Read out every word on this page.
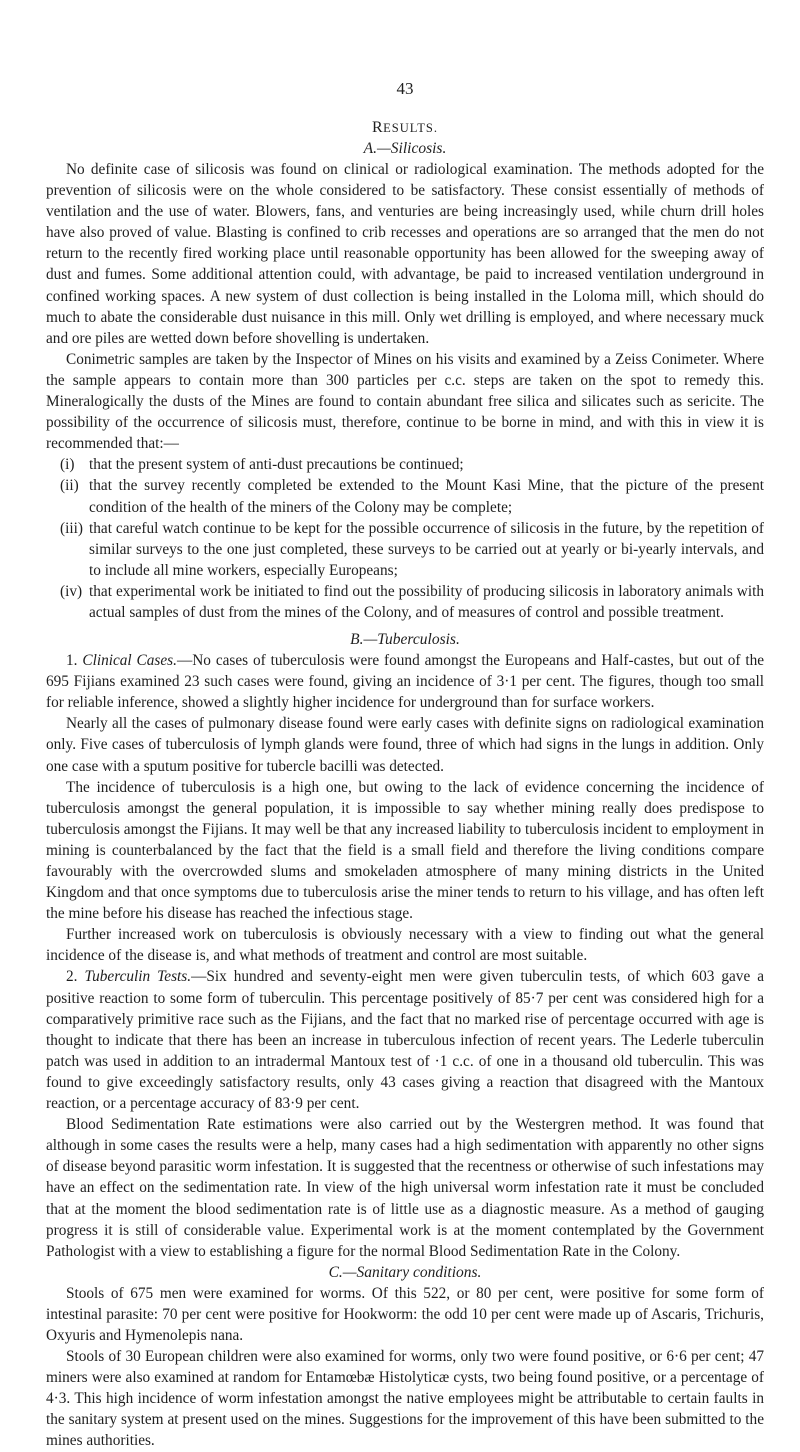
43

RESULTS.

A.—Silicosis.

No definite case of silicosis was found on clinical or radiological examination. The methods adopted for the prevention of silicosis were on the whole considered to be satisfactory. These consist essentially of methods of ventilation and the use of water. Blowers, fans, and venturies are being increasingly used, while churn drill holes have also proved of value. Blasting is confined to crib recesses and operations are so arranged that the men do not return to the recently fired working place until reasonable opportunity has been allowed for the sweeping away of dust and fumes. Some additional attention could, with advantage, be paid to increased ventilation underground in confined working spaces. A new system of dust collection is being installed in the Loloma mill, which should do much to abate the considerable dust nuisance in this mill. Only wet drilling is employed, and where necessary muck and ore piles are wetted down before shovelling is undertaken.

Conimetric samples are taken by the Inspector of Mines on his visits and examined by a Zeiss Conimeter. Where the sample appears to contain more than 300 particles per c.c. steps are taken on the spot to remedy this. Mineralogically the dusts of the Mines are found to contain abundant free silica and silicates such as sericite. The possibility of the occurrence of silicosis must, therefore, continue to be borne in mind, and with this in view it is recommended that:—

(i) that the present system of anti-dust precautions be continued;
(ii) that the survey recently completed be extended to the Mount Kasi Mine, that the picture of the present condition of the health of the miners of the Colony may be complete;
(iii) that careful watch continue to be kept for the possible occurrence of silicosis in the future, by the repetition of similar surveys to the one just completed, these surveys to be carried out at yearly or bi-yearly intervals, and to include all mine workers, especially Europeans;
(iv) that experimental work be initiated to find out the possibility of producing silicosis in laboratory animals with actual samples of dust from the mines of the Colony, and of measures of control and possible treatment.

B.—Tuberculosis.

1. Clinical Cases.—No cases of tuberculosis were found amongst the Europeans and Half-castes, but out of the 695 Fijians examined 23 such cases were found, giving an incidence of 3·1 per cent. The figures, though too small for reliable inference, showed a slightly higher incidence for underground than for surface workers.

Nearly all the cases of pulmonary disease found were early cases with definite signs on radiological examination only. Five cases of tuberculosis of lymph glands were found, three of which had signs in the lungs in addition. Only one case with a sputum positive for tubercle bacilli was detected.

The incidence of tuberculosis is a high one, but owing to the lack of evidence concerning the incidence of tuberculosis amongst the general population, it is impossible to say whether mining really does predispose to tuberculosis amongst the Fijians. It may well be that any increased liability to tuberculosis incident to employment in mining is counterbalanced by the fact that the field is a small field and therefore the living conditions compare favourably with the overcrowded slums and smokeladen atmosphere of many mining districts in the United Kingdom and that once symptoms due to tuberculosis arise the miner tends to return to his village, and has often left the mine before his disease has reached the infectious stage.

Further increased work on tuberculosis is obviously necessary with a view to finding out what the general incidence of the disease is, and what methods of treatment and control are most suitable.

2. Tuberculin Tests.—Six hundred and seventy-eight men were given tuberculin tests, of which 603 gave a positive reaction to some form of tuberculin. This percentage positively of 85·7 per cent was considered high for a comparatively primitive race such as the Fijians, and the fact that no marked rise of percentage occurred with age is thought to indicate that there has been an increase in tuberculous infection of recent years. The Lederle tuberculin patch was used in addition to an intradermal Mantoux test of ·1 c.c. of one in a thousand old tuberculin. This was found to give exceedingly satisfactory results, only 43 cases giving a reaction that disagreed with the Mantoux reaction, or a percentage accuracy of 83·9 per cent.

Blood Sedimentation Rate estimations were also carried out by the Westergren method. It was found that although in some cases the results were a help, many cases had a high sedimentation with apparently no other signs of disease beyond parasitic worm infestation. It is suggested that the recentness or otherwise of such infestations may have an effect on the sedimentation rate. In view of the high universal worm infestation rate it must be concluded that at the moment the blood sedimentation rate is of little use as a diagnostic measure. As a method of gauging progress it is still of considerable value. Experimental work is at the moment contemplated by the Government Pathologist with a view to establishing a figure for the normal Blood Sedimentation Rate in the Colony.

C.—Sanitary conditions.

Stools of 675 men were examined for worms. Of this 522, or 80 per cent, were positive for some form of intestinal parasite: 70 per cent were positive for Hookworm: the odd 10 per cent were made up of Ascaris, Trichuris, Oxyuris and Hymenolepis nana.

Stools of 30 European children were also examined for worms, only two were found positive, or 6·6 per cent; 47 miners were also examined at random for Entamœbæ Histolyticæ cysts, two being found positive, or a percentage of 4·3. This high incidence of worm infestation amongst the native employees might be attributable to certain faults in the sanitary system at present used on the mines. Suggestions for the improvement of this have been submitted to the mines authorities.
